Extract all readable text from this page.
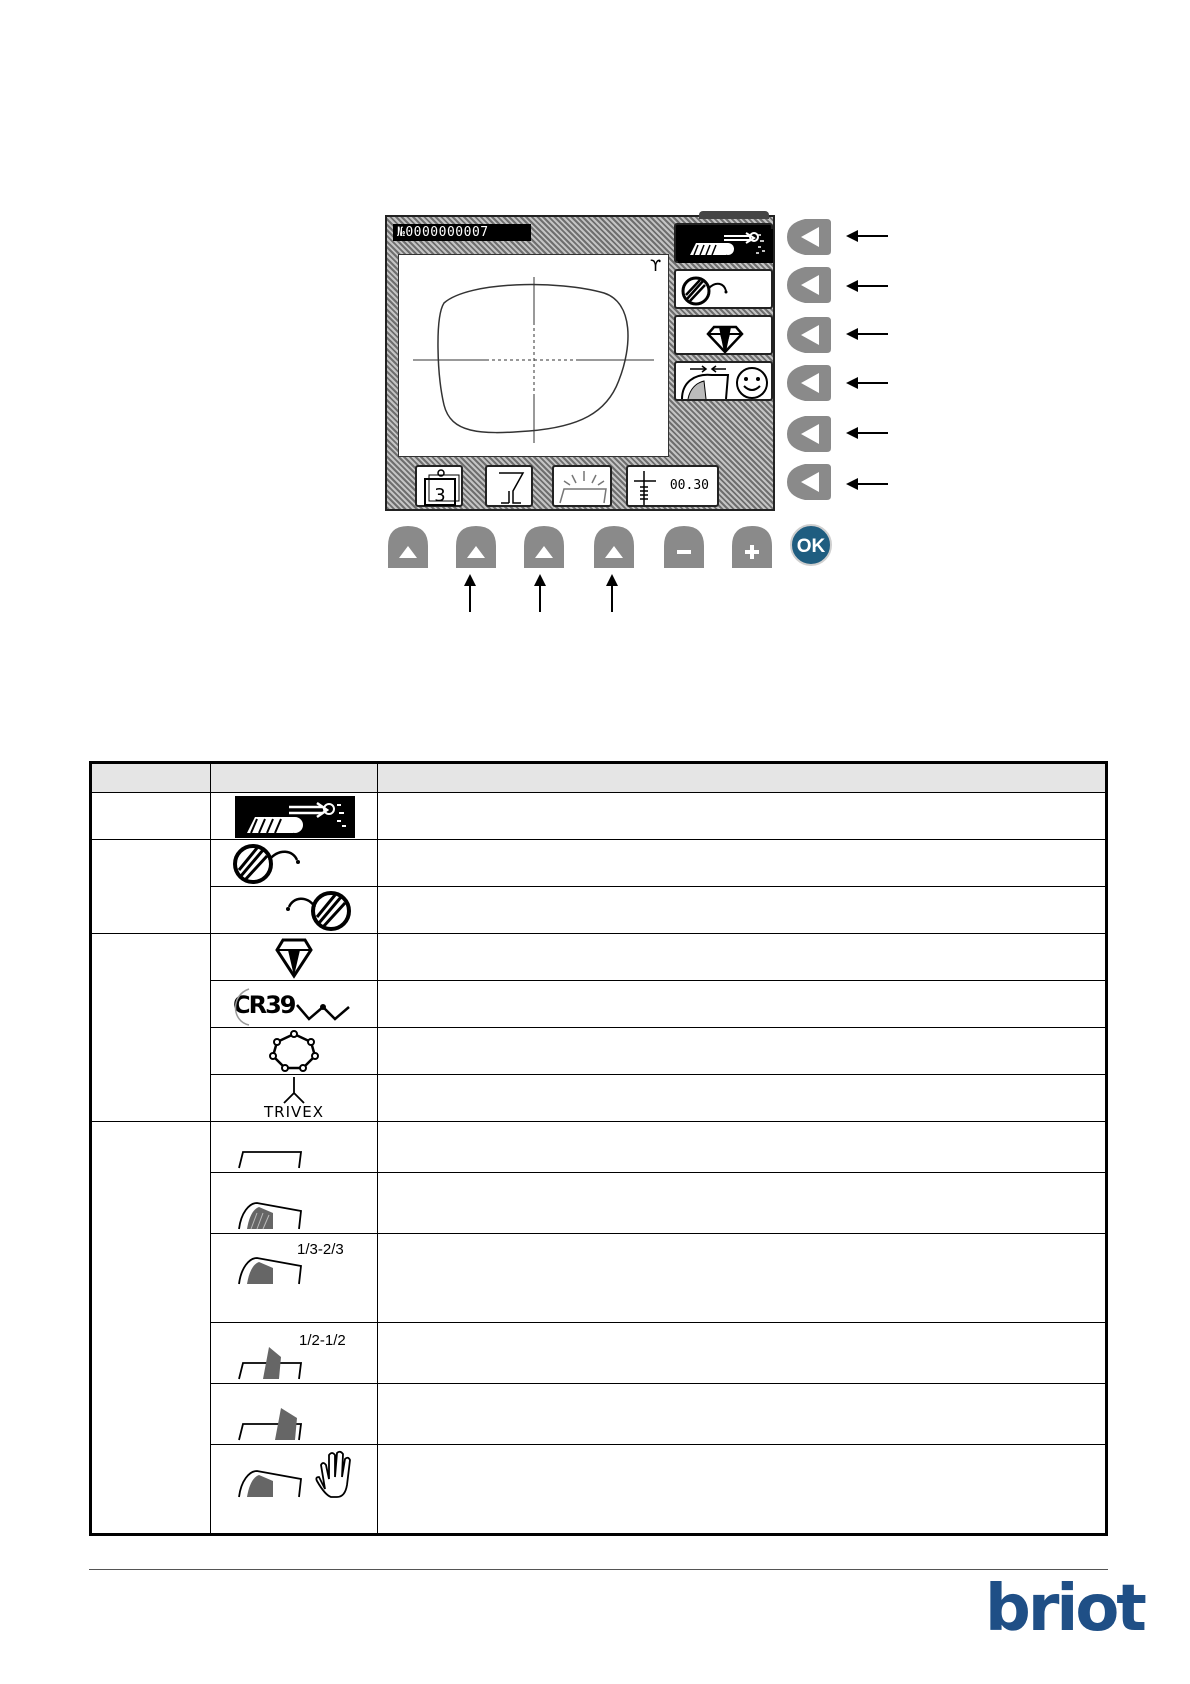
№0000000007
ϒ
3	00.30
OK

CR39	

TRIVEX	

1/3-2/3	

1/2-1/2	

briot
